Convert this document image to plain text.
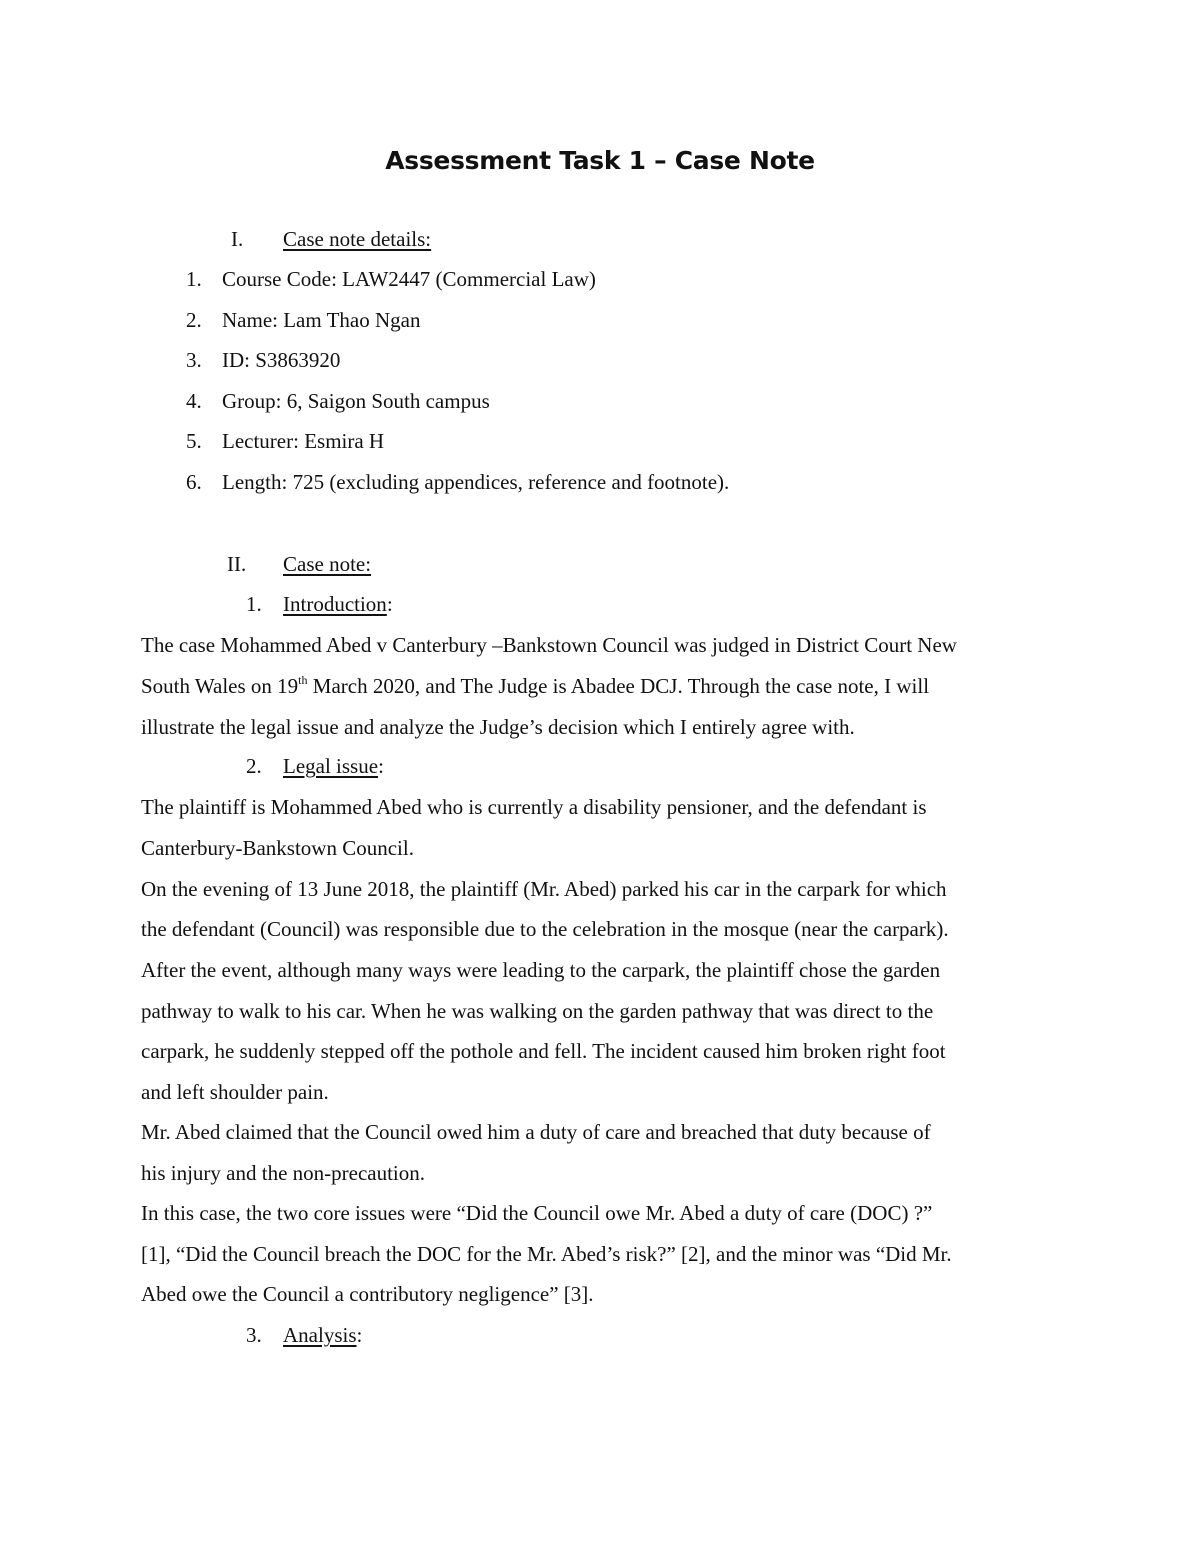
Assessment Task 1 – Case Note
I. Case note details:
1. Course Code: LAW2447 (Commercial Law)
2. Name: Lam Thao Ngan
3. ID: S3863920
4. Group: 6, Saigon South campus
5. Lecturer: Esmira H
6. Length: 725 (excluding appendices, reference and footnote).
II. Case note:
1. Introduction:
The case Mohammed Abed v Canterbury –Bankstown Council was judged in District Court New
South Wales on 19th March 2020, and The Judge is Abadee DCJ. Through the case note, I will
illustrate the legal issue and analyze the Judge’s decision which I entirely agree with.
2. Legal issue:
The plaintiff is Mohammed Abed who is currently a disability pensioner, and the defendant is
Canterbury-Bankstown Council.
On the evening of 13 June 2018, the plaintiff (Mr. Abed) parked his car in the carpark for which
the defendant (Council) was responsible due to the celebration in the mosque (near the carpark).
After the event, although many ways were leading to the carpark, the plaintiff chose the garden
pathway to walk to his car. When he was walking on the garden pathway that was direct to the
carpark, he suddenly stepped off the pothole and fell. The incident caused him broken right foot
and left shoulder pain.
Mr. Abed claimed that the Council owed him a duty of care and breached that duty because of
his injury and the non-precaution.
In this case, the two core issues were “Did the Council owe Mr. Abed a duty of care (DOC) ?”
[1], “Did the Council breach the DOC for the Mr. Abed’s risk?” [2], and the minor was “Did Mr.
Abed owe the Council a contributory negligence” [3].
3. Analysis:
